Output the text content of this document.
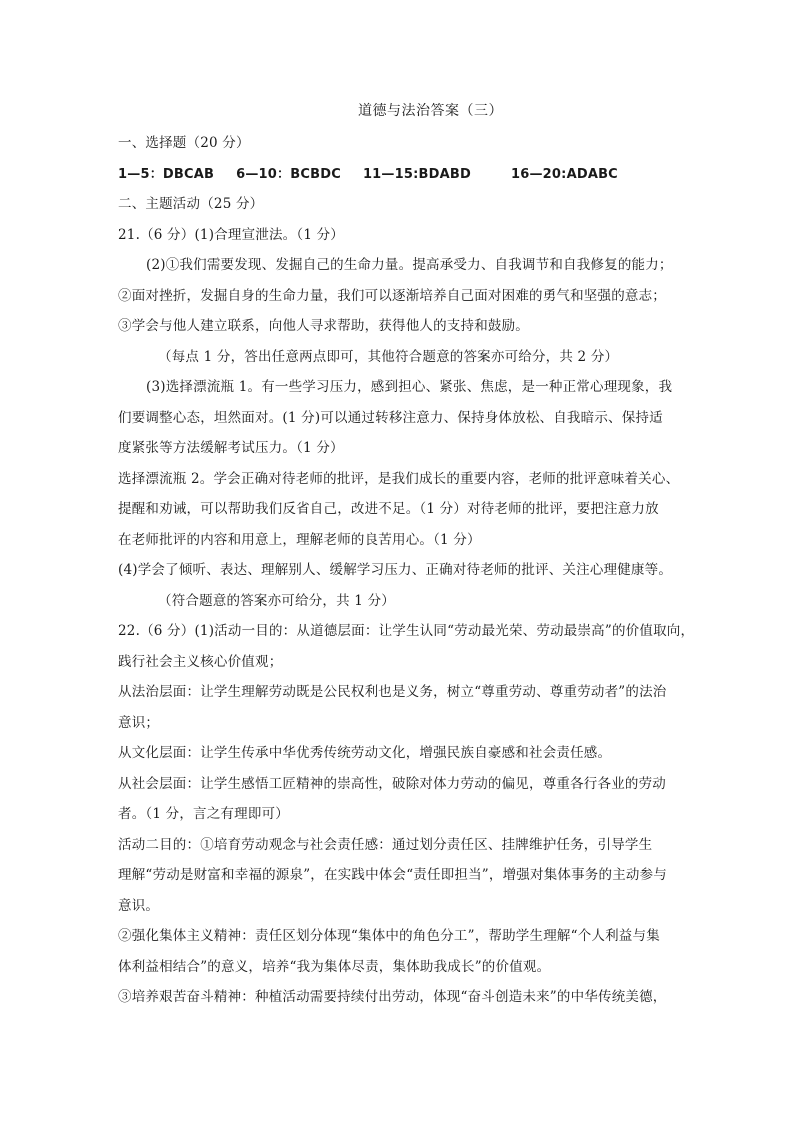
道德与法治答案（三）
一、选择题（20 分）
1—5：DBCAB 6—10：BCBDC 11—15:BDABD	16—20:ADABC
二、主题活动（25 分）
21.（6 分）(1)合理宣泄法。（1 分）
(2)①我们需要发现、发掘自己的生命力量。提高承受力、自我调节和自我修复的能力；
②面对挫折，发掘自身的生命力量，我们可以逐渐培养自己面对困难的勇气和坚强的意志；
③学会与他人建立联系，向他人寻求帮助，获得他人的支持和鼓励。
（每点 1 分，答出任意两点即可，其他符合题意的答案亦可给分，共 2 分）
(3)选择漂流瓶 1。有一些学习压力，感到担心、紧张、焦虑，是一种正常心理现象，我
们要调整心态，坦然面对。(1 分)可以通过转移注意力、保持身体放松、自我暗示、保持适
度紧张等方法缓解考试压力。（1 分）
选择漂流瓶 2。学会正确对待老师的批评，是我们成长的重要内容，老师的批评意味着关心、
提醒和劝诫，可以帮助我们反省自己，改进不足。（1 分）对待老师的批评，要把注意力放
在老师批评的内容和用意上，理解老师的良苦用心。（1 分）
(4)学会了倾听、表达、理解别人、缓解学习压力、正确对待老师的批评、关注心理健康等。
（符合题意的答案亦可给分，共 1 分）
22.（6 分）(1)活动一目的：从道德层面：让学生认同“劳动最光荣、劳动最崇高”的价值取向，
践行社会主义核心价值观；
从法治层面：让学生理解劳动既是公民权利也是义务，树立“尊重劳动、尊重劳动者”的法治
意识；
从文化层面：让学生传承中华优秀传统劳动文化，增强民族自豪感和社会责任感。
从社会层面：让学生感悟工匠精神的崇高性，破除对体力劳动的偏见，尊重各行各业的劳动
者。（1 分，言之有理即可）
活动二目的：①培育劳动观念与社会责任感：通过划分责任区、挂牌维护任务，引导学生
理解“劳动是财富和幸福的源泉”，在实践中体会“责任即担当”，增强对集体事务的主动参与
意识。
②强化集体主义精神：责任区划分体现“集体中的角色分工”，帮助学生理解“个人利益与集
体利益相结合”的意义，培养“我为集体尽责，集体助我成长”的价值观。
③培养艰苦奋斗精神：种植活动需要持续付出劳动，体现“奋斗创造未来”的中华传统美德，
